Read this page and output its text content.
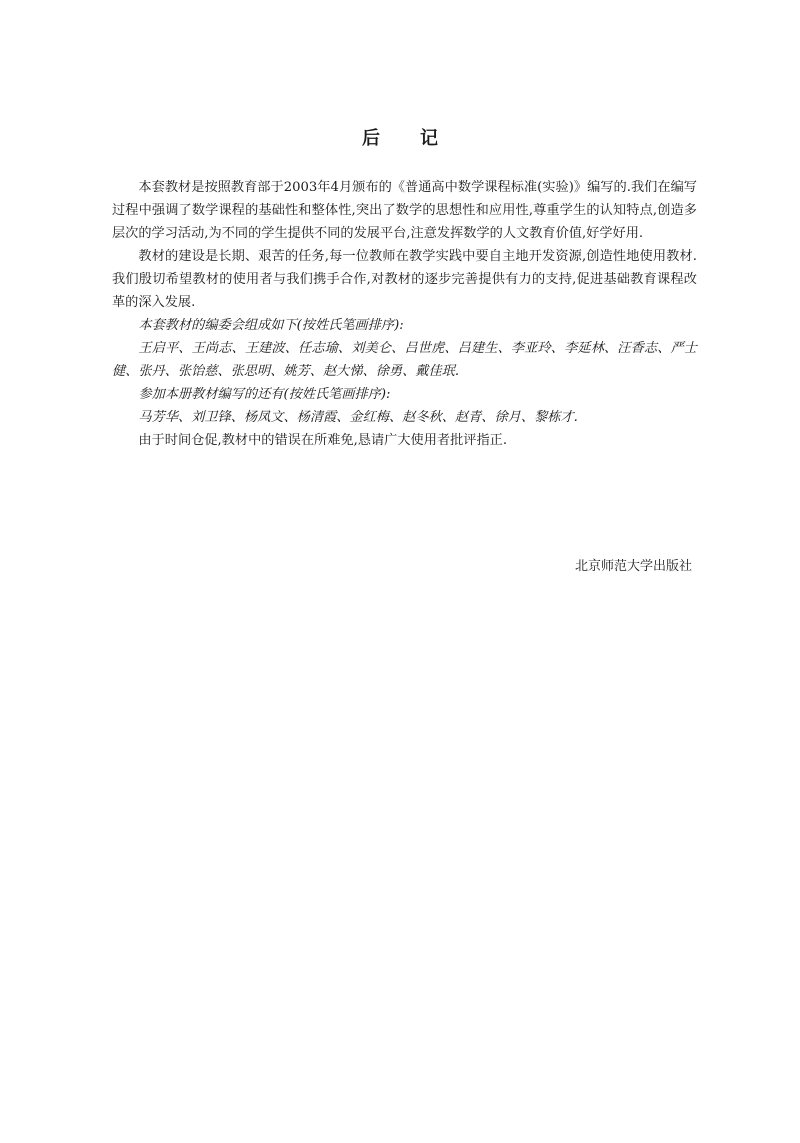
后记

本套教材是按照教育部于2003年4月颁布的《普通高中数学课程标准(实验)》编写的.我们在编写过程中强调了数学课程的基础性和整体性,突出了数学的思想性和应用性,尊重学生的认知特点,创造多层次的学习活动,为不同的学生提供不同的发展平台,注意发挥数学的人文教育价值,好学好用.

教材的建设是长期、艰苦的任务,每一位教师在教学实践中要自主地开发资源,创造性地使用教材.我们殷切希望教材的使用者与我们携手合作,对教材的逐步完善提供有力的支持,促进基础教育课程改革的深入发展.

本套教材的编委会组成如下(按姓氏笔画排序):

王启平、王尚志、王建波、任志瑜、刘美仑、吕世虎、吕建生、李亚玲、李延林、汪香志、严士健、张丹、张饴慈、张思明、姚芳、赵大悌、徐勇、戴佳珉.

参加本册教材编写的还有(按姓氏笔画排序):

马芳华、刘卫锋、杨凤文、杨清霞、金红梅、赵冬秋、赵青、徐月、黎栋才.

由于时间仓促,教材中的错误在所难免,恳请广大使用者批评指正.

北京师范大学出版社
